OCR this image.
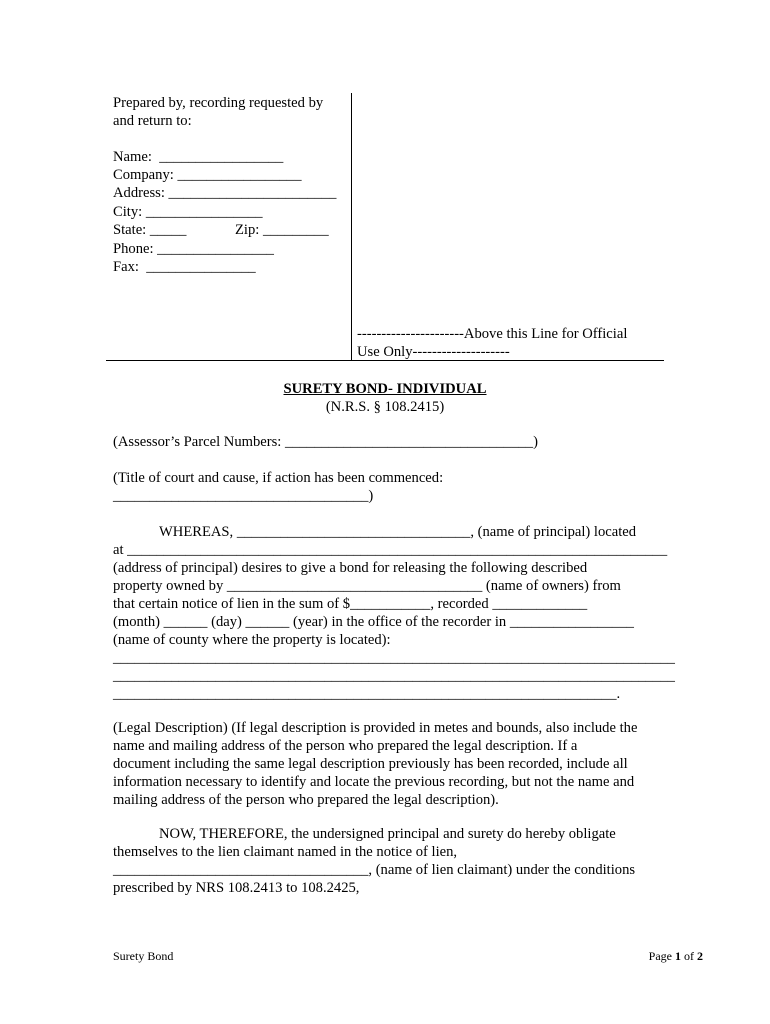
Prepared by, recording requested by
and return to:
Name:  _________________
Company: _________________
Address: _______________________
City: ________________
State: _____	Zip: _________
Phone: ________________
Fax:  _______________
----------------------Above this Line for Official
Use Only--------------------
SURETY BOND- INDIVIDUAL
(N.R.S. § 108.2415)
(Assessor’s Parcel Numbers: __________________________________)
(Title of court and cause, if action has been commenced:
___________________________________)
WHEREAS, ________________________________, (name of principal) located
at __________________________________________________________________________
(address of principal) desires to give a bond for releasing the following described
property owned by ___________________________________ (name of owners) from
that certain notice of lien in the sum of $___________, recorded _____________
(month) ______ (day) ______ (year) in the office of the recorder in _________________
(name of county where the property is located):
_____________________________________________________________________________
_____________________________________________________________________________
_____________________________________________________________________.
(Legal Description) (If legal description is provided in metes and bounds, also include the
name and mailing address of the person who prepared the legal description. If a
document including the same legal description previously has been recorded, include all
information necessary to identify and locate the previous recording, but not the name and
mailing address of the person who prepared the legal description).
NOW, THEREFORE, the undersigned principal and surety do hereby obligate
themselves to the lien claimant named in the notice of lien,
___________________________________, (name of lien claimant) under the conditions
prescribed by NRS 108.2413 to 108.2425,
Surety Bond	Page 1 of 2
